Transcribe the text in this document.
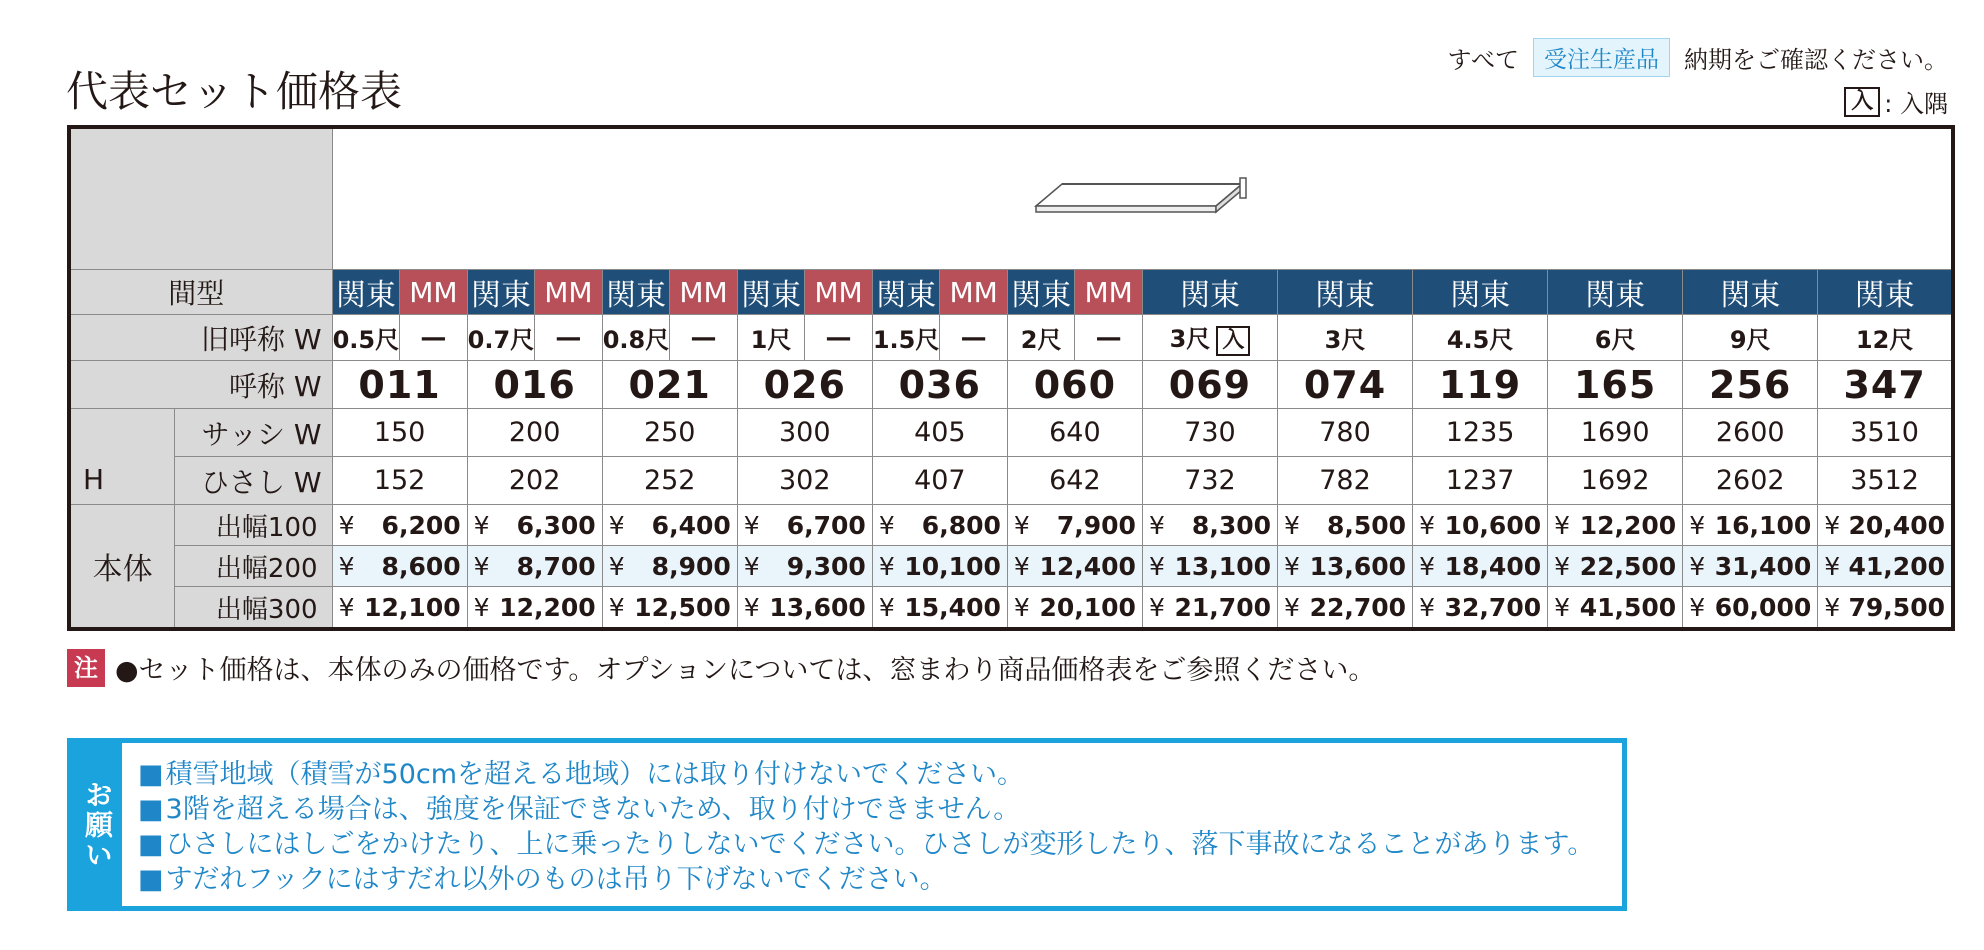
代表セット価格表
すべて	受注生産品	納期をご確認ください。
入 : 入隅

間型		関東	MM	関東	MM	関東	MM	関東	MM	関東	MM	関東	MM	関東	関東	関東	関東	関東	関東
旧呼称 W		0.5尺	—	0.7尺	—	0.8尺	—	1尺	—	1.5尺	—	2尺	—	3尺 入	3尺	4.5尺	6尺	9尺	12尺
呼称 W		011		016		021		026		036		060		069	074	119	165	256	347

H	サッシ W	150		200		250		300		405		640		730	780	1235	1690	2600	3510
	ひさし W	152		202		252		302		407		642		732	782	1237	1692	2602	3512
本体	出幅100	¥ 6,200		¥ 6,300		¥ 6,400		¥ 6,700		¥ 6,800		¥ 7,900		¥ 8,300	¥ 8,500	¥ 10,600	¥ 12,200	¥ 16,100	¥ 20,400

	出幅200	¥ 8,600		¥ 8,700		¥ 8,900		¥ 9,300		¥ 10,100		¥ 12,400		¥ 13,100	¥ 13,600	¥ 18,400	¥ 22,500	¥ 31,400	¥ 41,200

	出幅300	¥ 12,100		¥ 12,200		¥ 12,500		¥ 13,600		¥ 15,400		¥ 20,100		¥ 21,700	¥ 22,700	¥ 32,700	¥ 41,500	¥ 60,000	¥ 79,500
注 ●セット価格は、本体のみの価格です。オプションについては、窓まわり商品価格表をご参照ください。
お願い
■積雪地域（積雪が50cmを超える地域）には取り付けないでください。
■3階を超える場合は、強度を保証できないため、取り付けできません。
■ひさしにはしごをかけたり、上に乗ったりしないでください。ひさしが変形したり、落下事故になることがあります。
■すだれフックにはすだれ以外のものは吊り下げないでください。
